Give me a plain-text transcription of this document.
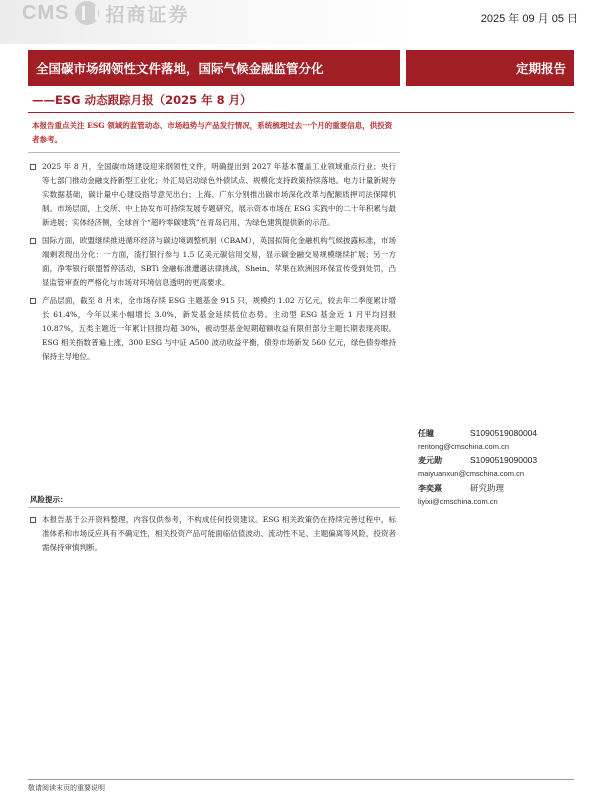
CMS 招商证券	2025 年 09 月 05 日
全国碳市场纲领性文件落地，国际气候金融监管分化	定期报告
——ESG 动态跟踪月报（2025 年 8 月）
本报告重点关注 ESG 领域的监管动态、市场趋势与产品发行情况，系统梳理过去一个月的重要信息，供投资者参考。
2025 年 8 月，全国碳市场建设迎来纲领性文件，明确提出到 2027 年基本覆盖工业领域重点行业；央行等七部门推动金融支持新型工业化；外汇局启动绿色外债试点、规模化支持政策持续落地。电力计量新规夯实数据基础，碳计量中心建设指导意见出台；上海、广东分别推出碳市场深化改革与配额质押司法保障机制。市场层面，上交所、中上协发布可持续发展专题研究，展示资本市场在 ESG 实践中的二十年积累与最新进展；实体经济侧，全球首个“超吟零碳建筑”在青岛启用，为绿色建筑提供新的示范。
国际方面，欧盟继续推进循环经济与碳边境调整机制（CBAM），英国拟简化金融机构气候披露标准，市场端剩表现出分化：一方面，渣打银行参与 1.5 亿美元碳信用交易，显示碳金融交易规模继续扩展；另一方面，净零银行联盟暂停活动，SBTi 金融标准遭遇法律挑战，Shein、苹果在欧洲因环保宣传受到处罚，凸显监管审查的严格化与市场对环境信息透明的更高要求。
产品层面，截至 8 月末，全市场存续 ESG 主题基金 915 只，规模约 1.02 万亿元，较去年二季度累计增长 61.4%，今年以来小幅增长 3.0%，新发基金延续低位态势。主动型 ESG 基金近 1 月平均回报 10.87%，五类主题近一年累计回报均超 30%，被动型基金短期超额收益有限但部分主题长期表现亮眼。ESG 相关指数普遍上涨，300 ESG 与中证 A500 波动收益平衡，债券市场新发 560 亿元，绿色债券维持保持主导地位。
任瞳	S1090519080004
rentong@cmschina.com.cn
麦元勋	S1090519090003
maiyuanxun@cmschina.com.cn
李奕熹	研究助理
liyixi@cmschina.com.cn
风险提示：
本报告基于公开资料整理，内容仅供参考，不构成任何投资建议。ESG 相关政策仍在持续完善过程中，标准体系和市场反应具有不确定性，相关投资产品可能面临估值波动、流动性不足、主题偏离等风险，投资者需保持审慎判断。
敬请阅读末页的重要说明
